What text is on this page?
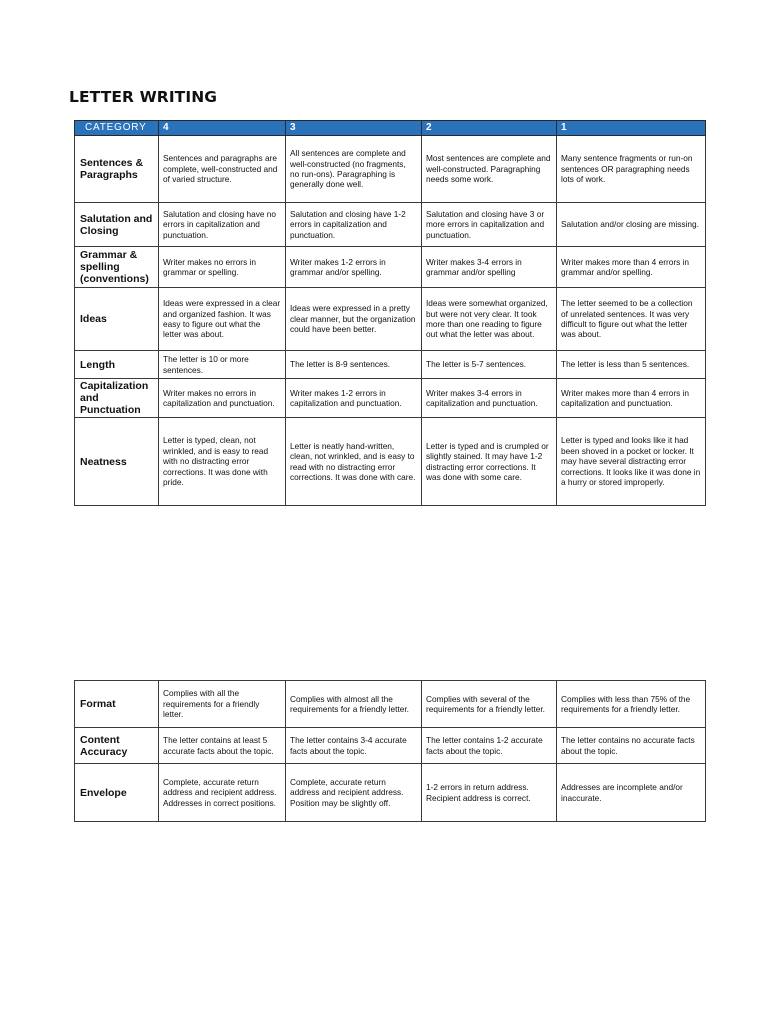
LETTER WRITING
CATEGORY	4	3	2	1
Sentences & Paragraphs	Sentences and paragraphs are complete, well-constructed and of varied structure.	All sentences are complete and well-constructed (no fragments, no run-ons). Paragraphing is generally done well.	Most sentences are complete and well-constructed. Paragraphing needs some work.	Many sentence fragments or run-on sentences OR paragraphing needs lots of work.
Salutation and Closing	Salutation and closing have no errors in capitalization and punctuation.	Salutation and closing have 1-2 errors in capitalization and punctuation.	Salutation and closing have 3 or more errors in capitalization and punctuation.	Salutation and/or closing are missing.
Grammar & spelling (conventions)	Writer makes no errors in grammar or spelling.	Writer makes 1-2 errors in grammar and/or spelling.	Writer makes 3-4 errors in grammar and/or spelling	Writer makes more than 4 errors in grammar and/or spelling.
Ideas	Ideas were expressed in a clear and organized fashion. It was easy to figure out what the letter was about.	Ideas were expressed in a pretty clear manner, but the organization could have been better.	Ideas were somewhat organized, but were not very clear. It took more than one reading to figure out what the letter was about.	The letter seemed to be a collection of unrelated sentences. It was very difficult to figure out what the letter was about.
Length	The letter is 10 or more sentences.	The letter is 8-9 sentences.	The letter is 5-7 sentences.	The letter is less than 5 sentences.
Capitalization and Punctuation	Writer makes no errors in capitalization and punctuation.	Writer makes 1-2 errors in capitalization and punctuation.	Writer makes 3-4 errors in capitalization and punctuation.	Writer makes more than 4 errors in capitalization and punctuation.
Neatness	Letter is typed, clean, not wrinkled, and is easy to read with no distracting error corrections. It was done with pride.	Letter is neatly hand-written, clean, not wrinkled, and is easy to read with no distracting error corrections. It was done with care.	Letter is typed and is crumpled or slightly stained. It may have 1-2 distracting error corrections. It was done with some care.	Letter is typed and looks like it had been shoved in a pocket or locker. It may have several distracting error corrections. It looks like it was done in a hurry or stored improperly.
Format	Complies with all the requirements for a friendly letter.	Complies with almost all the requirements for a friendly letter.	Complies with several of the requirements for a friendly letter.	Complies with less than 75% of the requirements for a friendly letter.
Content Accuracy	The letter contains at least 5 accurate facts about the topic.	The letter contains 3-4 accurate facts about the topic.	The letter contains 1-2 accurate facts about the topic.	The letter contains no accurate facts about the topic.
Envelope	Complete, accurate return address and recipient address. Addresses in correct positions.	Complete, accurate return address and recipient address. Position may be slightly off.	1-2 errors in return address. Recipient address is correct.	Addresses are incomplete and/or inaccurate.
